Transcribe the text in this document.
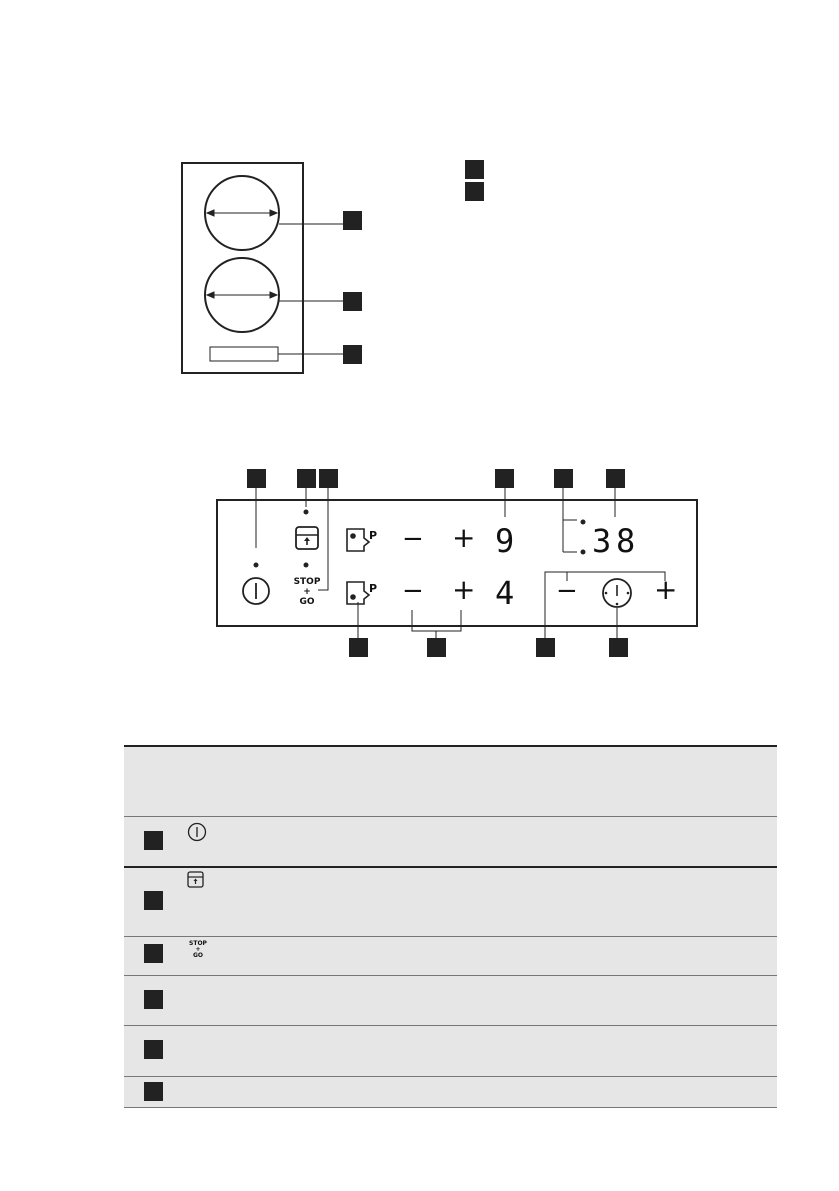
P
P
− +
− +	−	+
9
4
3 8
STOP
+
GO
STOP
+
GO
